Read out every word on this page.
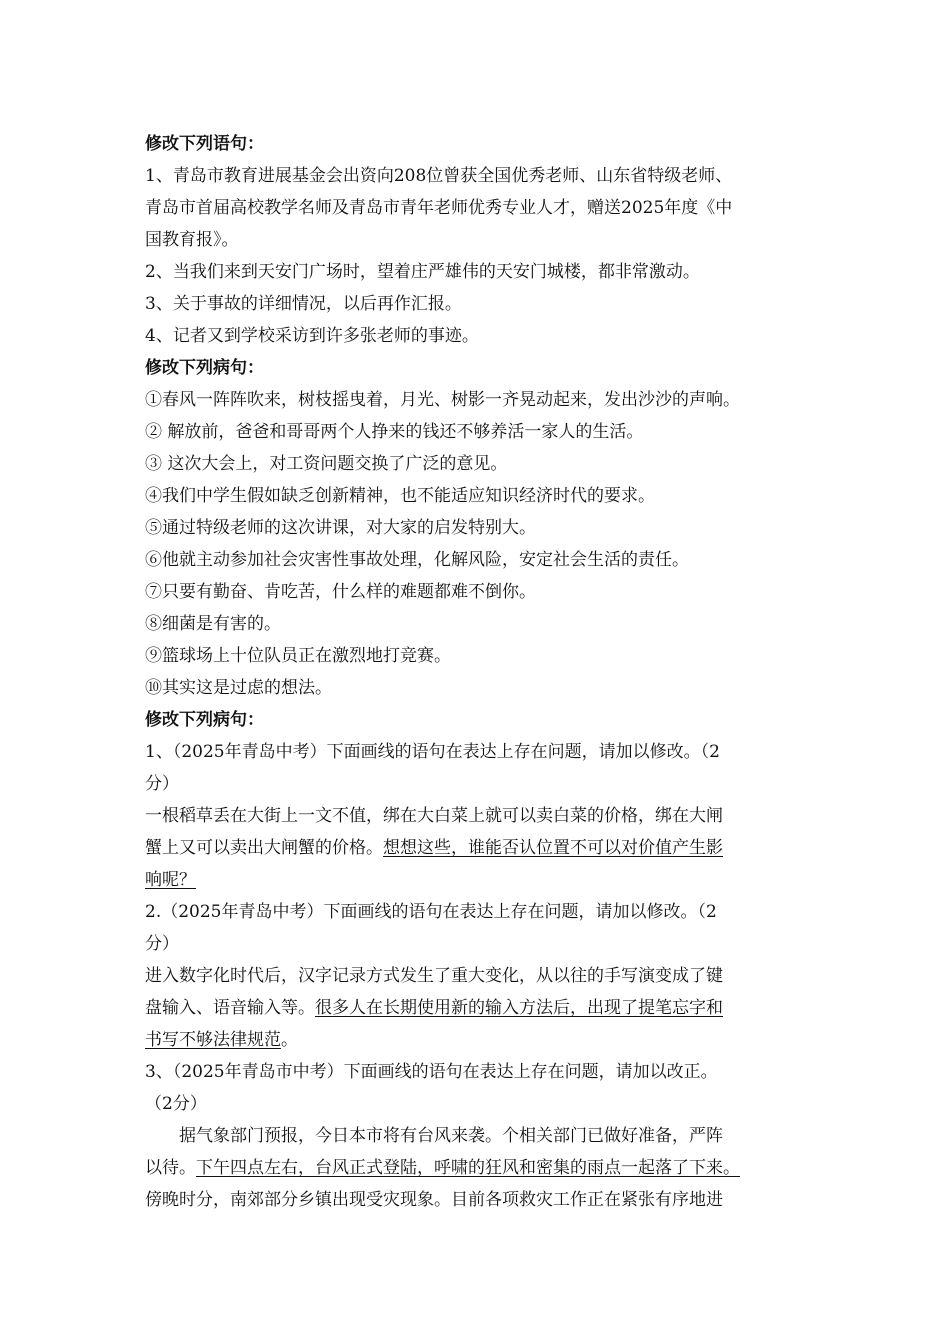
修改下列语句：
1、青岛市教育进展基金会出资向208位曾获全国优秀老师、山东省特级老师、
青岛市首届高校教学名师及青岛市青年老师优秀专业人才，赠送2025年度《中
国教育报》。
2、当我们来到天安门广场时，望着庄严雄伟的天安门城楼，都非常激动。
3、关于事故的详细情况，以后再作汇报。
4、记者又到学校采访到许多张老师的事迹。
修改下列病句：
①春风一阵阵吹来，树枝摇曳着，月光、树影一齐晃动起来，发出沙沙的声响。
② 解放前，爸爸和哥哥两个人挣来的钱还不够养活一家人的生活。
③ 这次大会上，对工资问题交换了广泛的意见。
④我们中学生假如缺乏创新精神，也不能适应知识经济时代的要求。
⑤通过特级老师的这次讲课，对大家的启发特别大。
⑥他就主动参加社会灾害性事故处理，化解风险，安定社会生活的责任。
⑦只要有勤奋、肯吃苦，什么样的难题都难不倒你。
⑧细菌是有害的。
⑨篮球场上十位队员正在激烈地打竞赛。
⑩其实这是过虑的想法。
修改下列病句：
1、（2025年青岛中考）下面画线的语句在表达上存在问题，请加以修改。（2
分）
一根稻草丢在大街上一文不值，绑在大白菜上就可以卖白菜的价格，绑在大闸
蟹上又可以卖出大闸蟹的价格。想想这些，谁能否认位置不可以对价值产生影
响呢？
2.（2025年青岛中考）下面画线的语句在表达上存在问题，请加以修改。（2
分）
进入数字化时代后，汉字记录方式发生了重大变化，从以往的手写演变成了键
盘输入、语音输入等。很多人在长期使用新的输入方法后，出现了提笔忘字和
书写不够法律规范。
3、（2025年青岛市中考）下面画线的语句在表达上存在问题，请加以改正。
（2分）
据气象部门预报，今日本市将有台风来袭。个相关部门已做好准备，严阵
以待。下午四点左右，台风正式登陆，呼啸的狂风和密集的雨点一起落了下来。
傍晚时分，南郊部分乡镇出现受灾现象。目前各项救灾工作正在紧张有序地进
